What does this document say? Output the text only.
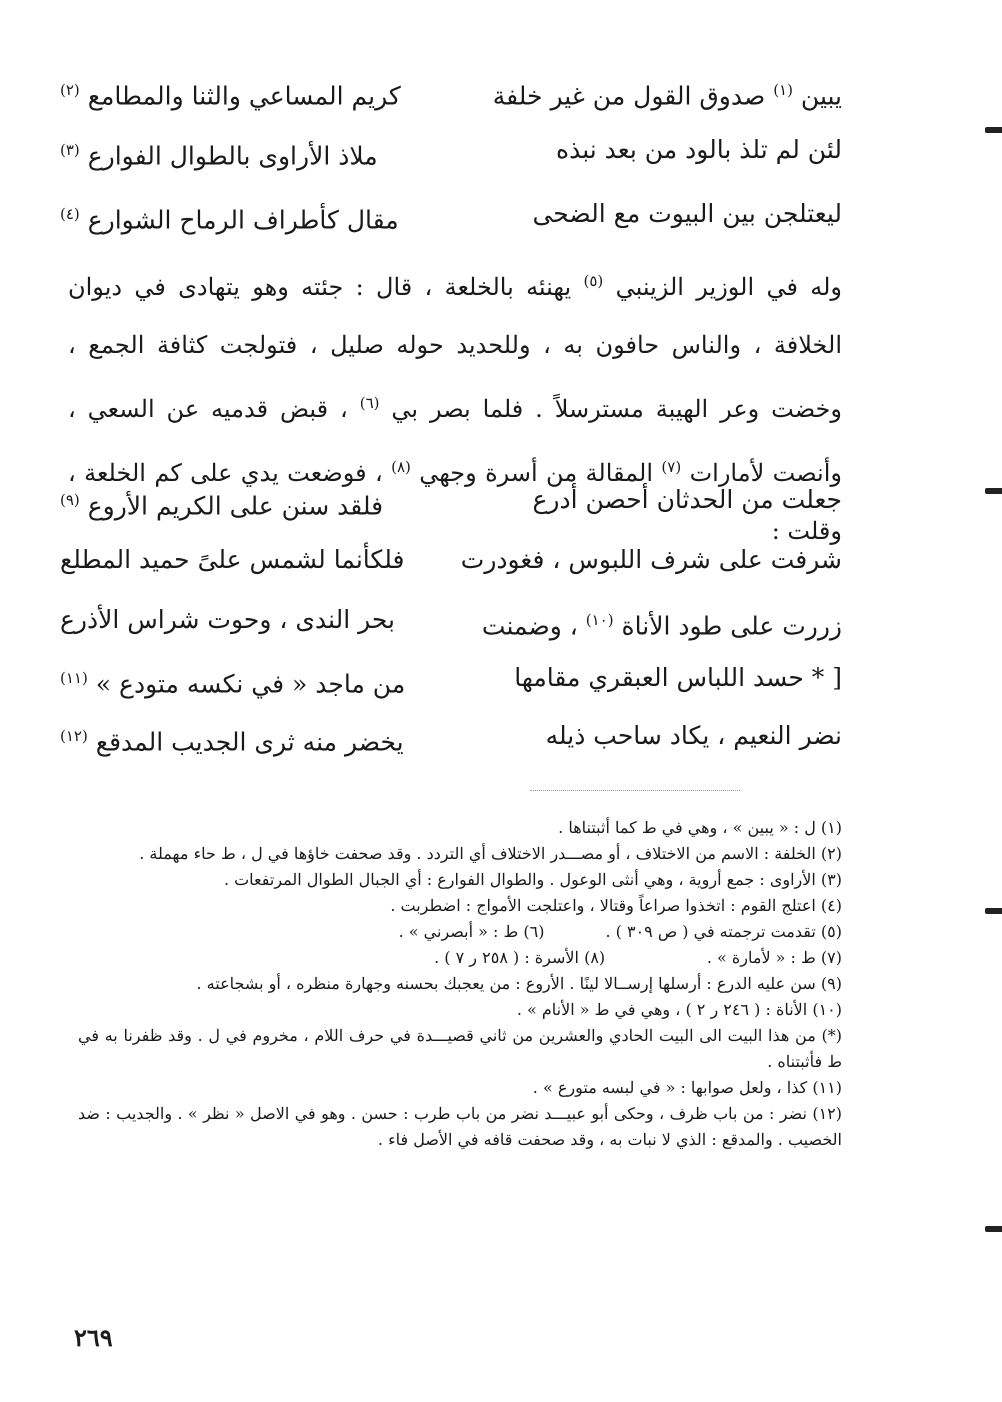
يبين $^{(١)}$ صدوق القول من غير خلفة
كريم المساعي والثنا والمطامع $^{(٢)}$
لئن لم تلذ بالود من بعد نبذه
ملاذ الأراوى بالطوال الفوارع $^{(٣)}$
ليعتلجن بين البيوت مع الضحى
مقال كأطراف الرماح الشوارع $^{(٤)}$
وله في الوزير الزينبي $^{(٥)}$ يهنئه بالخلعة ، قال : جئته وهو يتهادى في ديوان الخلافة ، والناس حافون به ، وللحديد حوله صليل ، فتولجت كثافة الجمع ، وخضت وعر الهيبة مسترسلاً . فلما بصر بي $^{(٦)}$ ، قبض قدميه عن السعي ، وأنصت لأمارات $^{(٧)}$ المقالة من أسرة وجهي $^{(٨)}$ ، فوضعت يدي على كم الخلعة ، وقلت :
جعلت من الحدثان أحصن أدرع
فلقد سنن على الكريم الأروع $^{(٩)}$
شرفت على شرف اللبوس ، فغودرت
فلكأنما لشمس علىً حميد المطلع
زررت على طود الأناة $^{(١٠)}$ ، وضمنت
بحر الندى ، وحوت شراس الأذرع
[ * حسد اللباس العبقري مقامها
من ماجد « في نكسه متودع » $^{(١١)}$
نضر النعيم ، يكاد ساحب ذيله
يخضر منه ثرى الجديب المدقع $^{(١٢)}$

(١) ل : « يبين » ، وهي في ط كما أثبتناها .

(٢) الخلفة : الاسم من الاختلاف ، أو مصـــدر الاختلاف أي التردد . وقد صحفت خاؤها في ل ، ط حاء مهملة .

(٣) الأراوى : جمع أروية ، وهي أنثى الوعول . والطوال الفوارع : أي الجبال الطوال المرتفعات .

(٤) اعتلج القوم : اتخذوا صراعاً وقتالا ، واعتلجت الأمواج : اضطربت .

(٥) تقدمت ترجمته في ( ص ٣٠٩ ) .            (٦) ط : « أبصرني » .

(٧) ط : « لأمارة » .                    (٨) الأسرة : ( ٢٥٨ ر ٧ ) .

(٩) سن عليه الدرع : أرسلها إرســالا لينًا . الأروع : من يعجبك بحسنه وجهارة منظره ، أو بشجاعته .

(١٠) الأناة : ( ٢٤٦ ر ٢ ) ، وهي في ط « الأنام » .

(*) من هذا البيت الى البيت الحادي والعشرين من ثاني قصيـــدة في حرف اللام ، مخروم في ل . وقد ظفرنا به في ط فأثبتناه .

(١١) كذا ، ولعل صوابها : « في لبسه متورع » .

(١٢) نضر : من باب ظرف ، وحكى أبو عبيـــد نضر من باب طرب : حسن . وهو في الاصل « نظر » . والجديب : ضد الخصيب . والمدقع : الذي لا نبات به ، وقد صحفت قافه في الأصل فاء .

٢٦٩
